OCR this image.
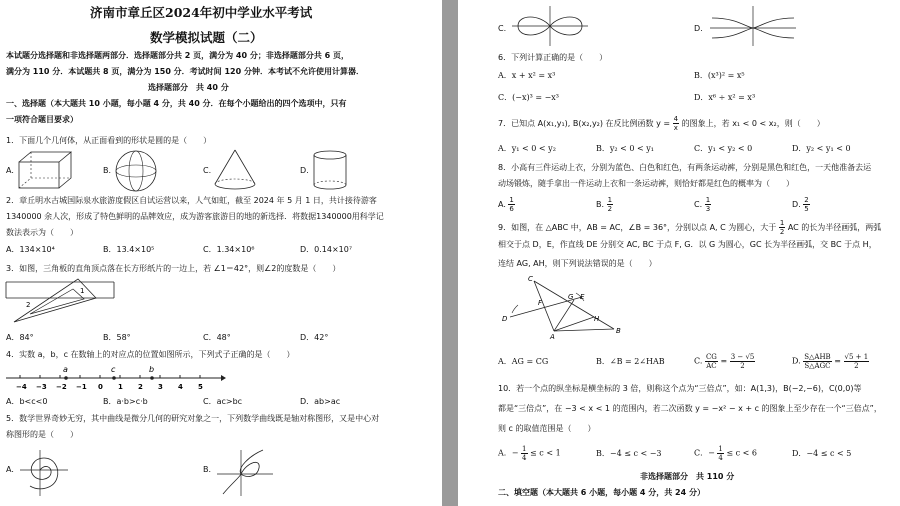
济南市章丘区2024年初中学业水平考试
数学模拟试题（二）
本试题分选择题和非选择题两部分．选择题部分共 2 页，满分为 40 分；非选择题部分共 6 页，
满分为 110 分．本试题共 8 页，满分为 150 分．考试时间 120 分钟．本考试不允许使用计算器．
选择题部分　共 40 分
一、选择题（本大题共 10 小题，每小题 4 分，共 40 分．在每个小题给出的四个选项中，只有
一项符合题目要求）
1．下面几个几何体，从正面看到的形状是圆的是（　　）
A.	B.	C.	D.
2．章丘明水古城国际泉水旅游度假区自试运营以来，人气如虹，截至 2024 年 5 月 1 日，共计接待游客
1340000 余人次，形成了特色鲜明的品牌效应，成为游客旅游目的地的新选择．将数据1340000用科学记
数法表示为（　　）
A．134×10⁴	B．13.4×10⁵	C．1.34×10⁶	D．0.14×10⁷
3．如图，三角板的直角顶点落在长方形纸片的一边上，若 ∠1＝42°，则∠2的度数是（　　）
1
2
A．84°	B．58°	C．48°	D．42°
4．实数 a，b，c 在数轴上的对应点的位置如图所示，下列式子正确的是（　　）
−4 −3 −2 −1 0 1 2 3 4 5
a	c	b
A．b<c<0	B．a·b>c·b	C．ac>bc	D．ab>ac
5．数学世界奇妙无穷，其中曲线是微分几何的研究对象之一，下列数学曲线既是轴对称图形，又是中心对
称图形的是（　　）
A.	B.
C.	D.
6．下列计算正确的是（　　）
A．x + x² = x³	B．(x³)² = x⁵
C．(−x)³ = −x³	D．x⁶ ÷ x² = x³
7．已知点 A(x₁,y₁), B(x₂,y₂) 在反比例函数 $y = \frac{4}{x}$ 的图象上，若 x₁ < 0 < x₂，则（　　）
A．y₁ < 0 < y₂	B．y₂ < 0 < y₁	C．y₁ < y₂ < 0	D．y₂ < y₁ < 0
8．小高有三件运动上衣，分别为蓝色、白色和红色，有两条运动裤，分别是黑色和红色，一天他准备去运
动场锻炼，随手拿出一件运动上衣和一条运动裤，则恰好都是红色的概率为（　　）
A. $\frac{1}{6}$	B. $\frac{1}{2}$	C. $\frac{1}{3}$	D. $\frac{2}{5}$
9．如图，在 △ABC 中，AB = AC，∠B = 36°，分别以点 A, C 为圆心，大于 $\frac{1}{2}$ AC 的长为半径画弧，两弧
相交于点 D，E，作直线 DE 分别交 AC, BC 于点 F, G．以 G 为圆心，GC 长为半径画弧，交 BC 于点 H，
连结 AG, AH，则下列说法错误的是（　　）
C
D
F
G E
H
B
A
A．AG = CG	B．∠B = 2∠HAB	C. $\frac{CG}{AC} = \frac{3 - √5}{2}$	D. $\frac{\text{S△AHB}}{\text{S△AGC}} = \frac{√5 + 1}{2}$
10．若一个点的纵坐标是横坐标的 3 倍，则称这个点为“三倍点”，如：A(1,3)，B(−2,−6)，C(0,0)等
都是“三倍点”，在 −3 < x < 1 的范围内，若二次函数 y = −x² − x + c 的图象上至少存在一个“三倍点”，
则 c 的取值范围是（　　）
A．− $\frac{1}{4} \le c < 1$	B．−4 ≤ c < −3	C．− $\frac{1}{4} \le c < 6$	D．−4 ≤ c < 5
非选择题部分　共 110 分
二、填空题（本大题共 6 小题，每小题 4 分，共 24 分）
